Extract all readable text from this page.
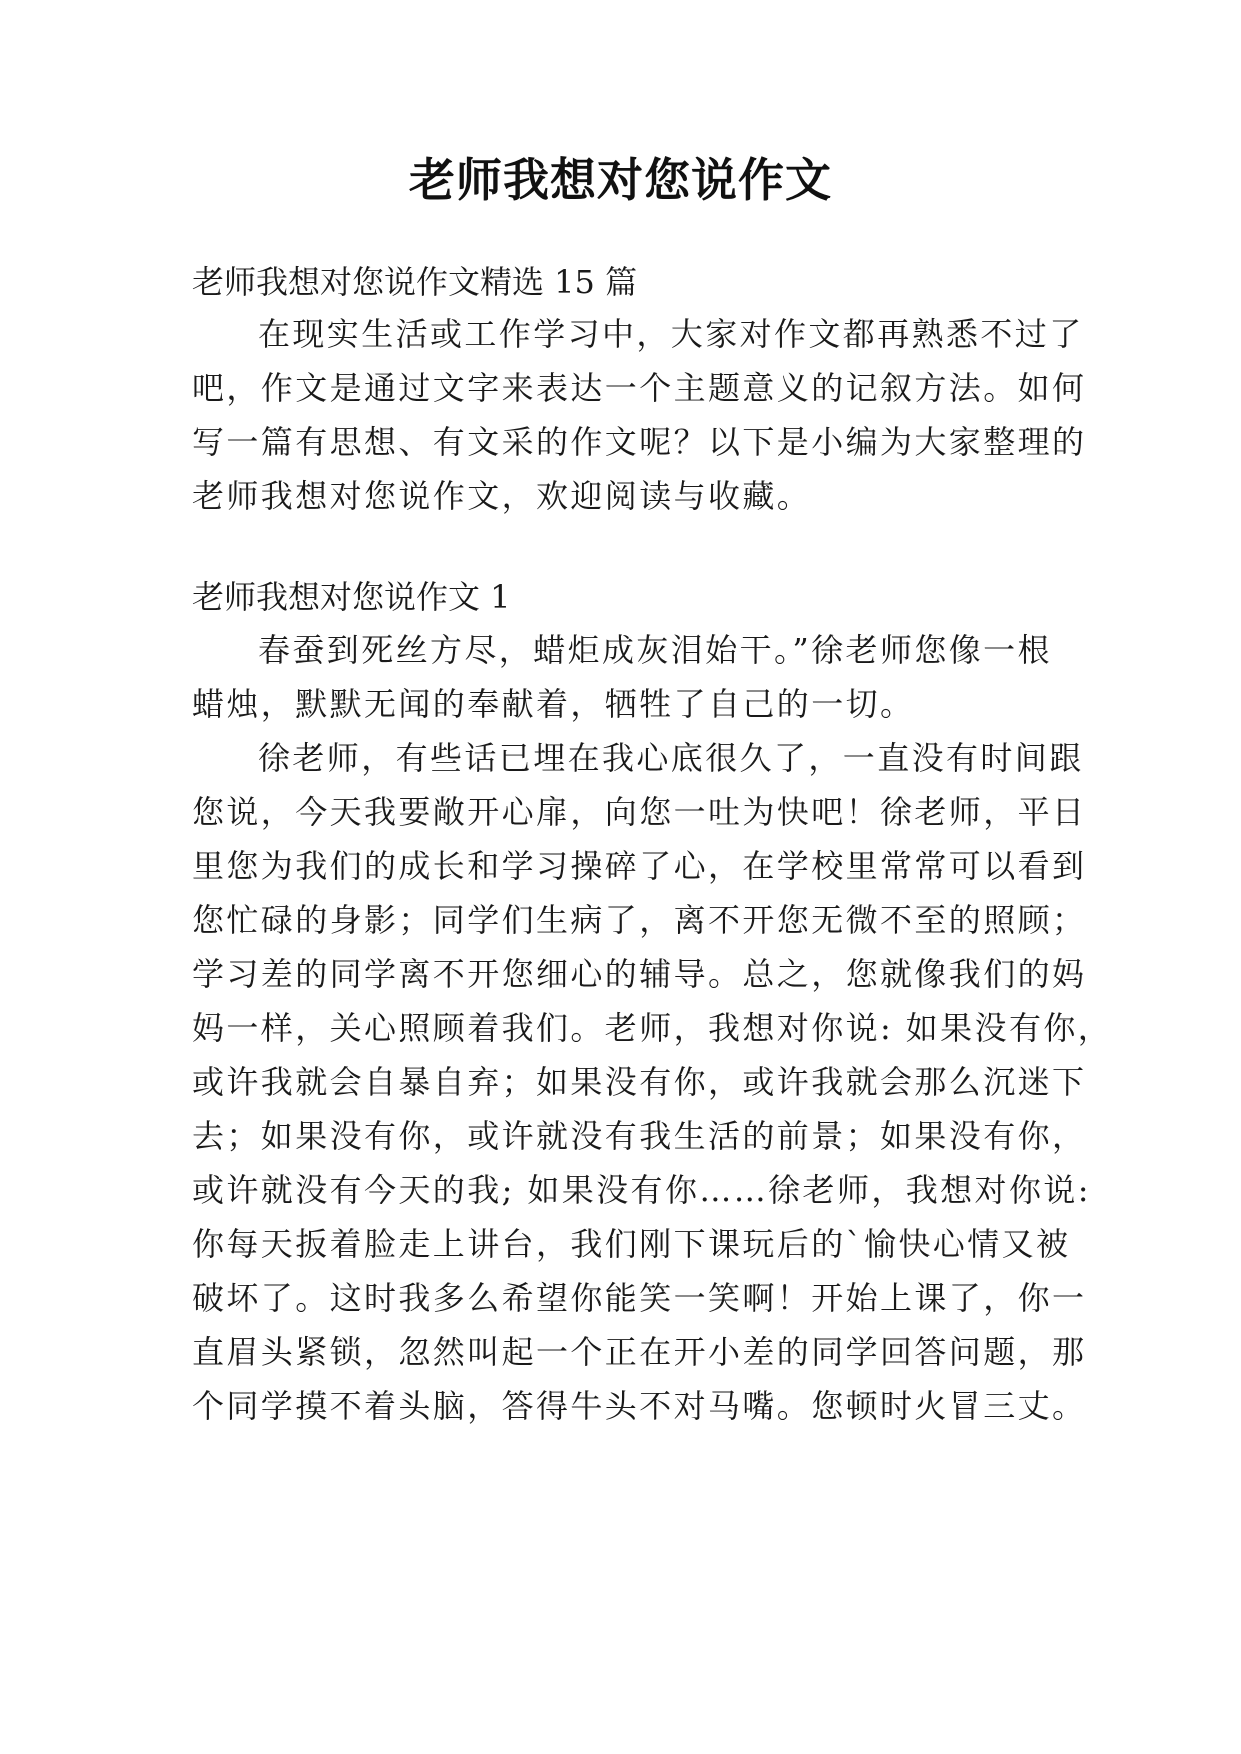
老师我想对您说作文
老师我想对您说作文精选 15 篇
在现实生活或工作学习中，大家对作文都再熟悉不过了
吧，作文是通过文字来表达一个主题意义的记叙方法。如何
写一篇有思想、有文采的作文呢？以下是小编为大家整理的
老师我想对您说作文，欢迎阅读与收藏。
老师我想对您说作文 1
春蚕到死丝方尽，蜡炬成灰泪始干。”徐老师您像一根
蜡烛，默默无闻的奉献着，牺牲了自己的一切。
徐老师，有些话已埋在我心底很久了，一直没有时间跟
您说，今天我要敞开心扉，向您一吐为快吧！徐老师，平日
里您为我们的成长和学习操碎了心，在学校里常常可以看到
您忙碌的身影；同学们生病了，离不开您无微不至的照顾；
学习差的同学离不开您细心的辅导。总之，您就像我们的妈
妈一样，关心照顾着我们。老师，我想对你说: 如果没有你，
或许我就会自暴自弃；如果没有你，或许我就会那么沉迷下
去；如果没有你，或许就没有我生活的前景；如果没有你，
或许就没有今天的我; 如果没有你……徐老师，我想对你说:
你每天扳着脸走上讲台，我们刚下课玩后的`愉快心情又被
破坏了。这时我多么希望你能笑一笑啊！开始上课了，你一
直眉头紧锁，忽然叫起一个正在开小差的同学回答问题，那
个同学摸不着头脑，答得牛头不对马嘴。您顿时火冒三丈。
